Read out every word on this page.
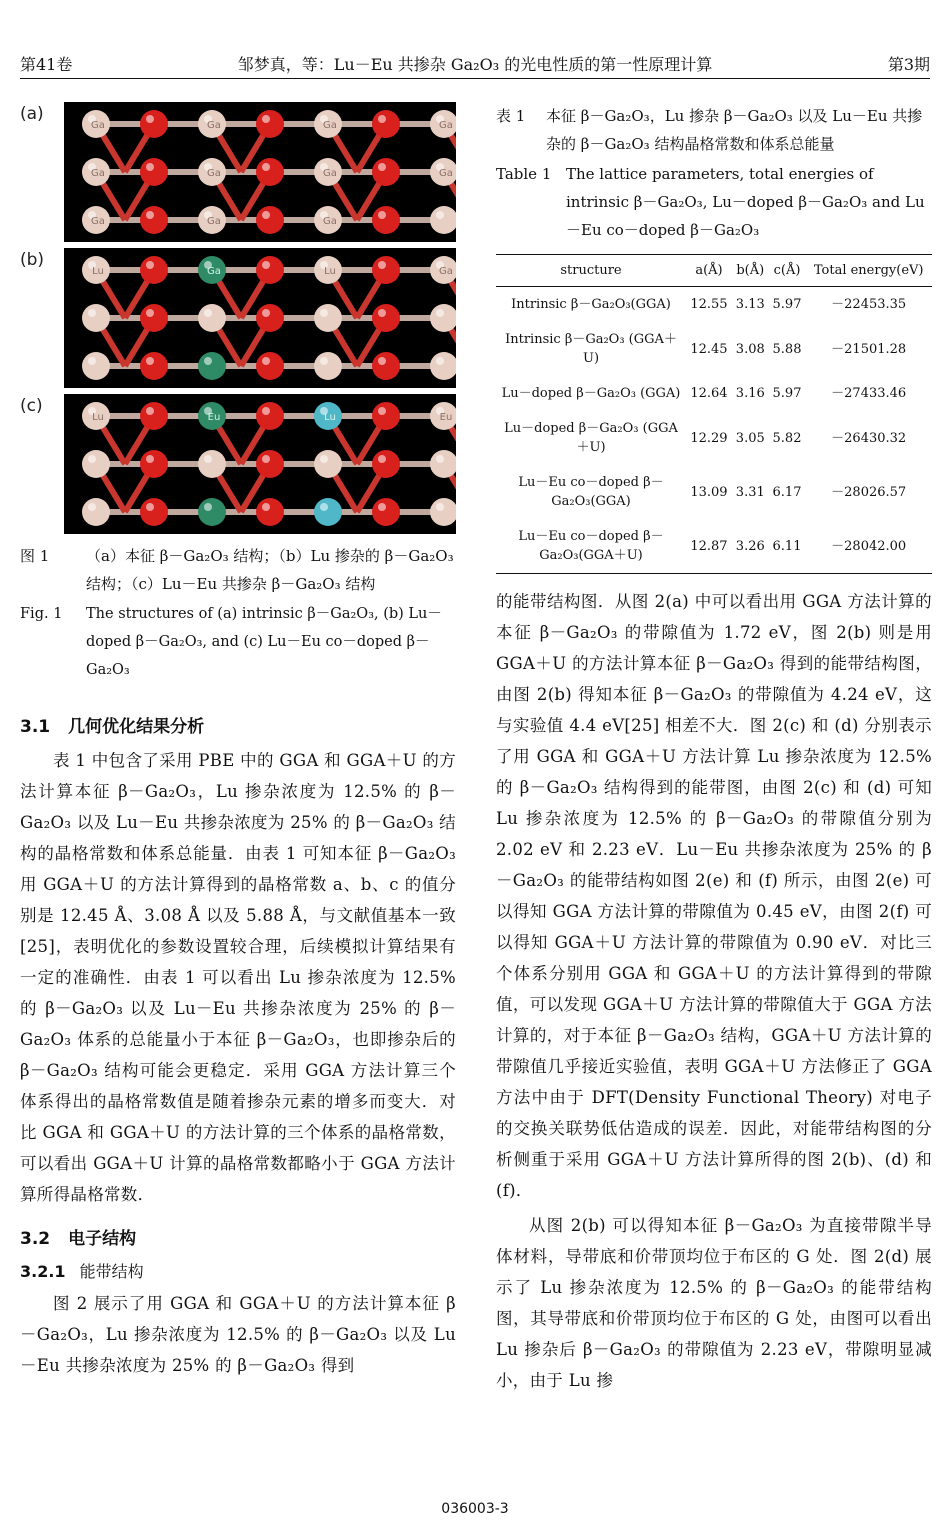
第41卷	邹梦真，等：Lu－Eu 共掺杂 Ga₂O₃ 的光电性质的第一性原理计算	第3期
(a)
Ga	Ga	Ga	Ga
Ga	Ga	Ga	Ga
Ga	Ga	Ga
(b)
Lu	Ga	Lu	Ga
(c)
Lu	Eu	Lu	Eu
图 1	（a）本征 β－Ga₂O₃ 结构；（b）Lu 掺杂的 β－Ga₂O₃ 结构；（c）Lu－Eu 共掺杂 β－Ga₂O₃ 结构
Fig. 1	The structures of (a) intrinsic β－Ga₂O₃, (b) Lu－doped β－Ga₂O₃, and (c) Lu－Eu co－doped β－Ga₂O₃
3.1 几何优化结果分析

表 1 中包含了采用 PBE 中的 GGA 和 GGA＋U 的方法计算本征 β－Ga₂O₃，Lu 掺杂浓度为 12.5% 的 β－Ga₂O₃ 以及 Lu－Eu 共掺杂浓度为 25% 的 β－Ga₂O₃ 结构的晶格常数和体系总能量．由表 1 可知本征 β－Ga₂O₃ 用 GGA＋U 的方法计算得到的晶格常数 a、b、c 的值分别是 12.45 Å、3.08 Å 以及 5.88 Å，与文献值基本一致[25]，表明优化的参数设置较合理，后续模拟计算结果有一定的准确性．由表 1 可以看出 Lu 掺杂浓度为 12.5% 的 β－Ga₂O₃ 以及 Lu－Eu 共掺杂浓度为 25% 的 β－Ga₂O₃ 体系的总能量小于本征 β－Ga₂O₃，也即掺杂后的 β－Ga₂O₃ 结构可能会更稳定．采用 GGA 方法计算三个体系得出的晶格常数值是随着掺杂元素的增多而变大．对比 GGA 和 GGA＋U 的方法计算的三个体系的晶格常数，可以看出 GGA＋U 计算的晶格常数都略小于 GGA 方法计算所得晶格常数．

3.2 电子结构
3.2.1 能带结构

图 2 展示了用 GGA 和 GGA＋U 的方法计算本征 β－Ga₂O₃，Lu 掺杂浓度为 12.5% 的 β－Ga₂O₃ 以及 Lu－Eu 共掺杂浓度为 25% 的 β－Ga₂O₃ 得到

表 1	本征 β－Ga₂O₃，Lu 掺杂 β－Ga₂O₃ 以及 Lu－Eu 共掺杂的 β－Ga₂O₃ 结构晶格常数和体系总能量
Table 1 The lattice parameters, total energies of intrinsic β－Ga₂O₃, Lu－doped β－Ga₂O₃ and Lu－Eu co－doped β－Ga₂O₃
structure	a(Å)	b(Å)	c(Å)	Total energy(eV)
Intrinsic β－Ga₂O₃(GGA)	12.55	3.13	5.97	－22453.35
Intrinsic β－Ga₂O₃ (GGA＋U)	12.45	3.08	5.88	－21501.28
Lu－doped β－Ga₂O₃ (GGA)	12.64	3.16	5.97	－27433.46
Lu－doped β－Ga₂O₃ (GGA＋U)	12.29	3.05	5.82	－26430.32
Lu－Eu co－doped β－Ga₂O₃(GGA)	13.09	3.31	6.17	－28026.57
Lu－Eu co－doped β－Ga₂O₃(GGA＋U)	12.87	3.26	6.11	－28042.00

的能带结构图．从图 2(a) 中可以看出用 GGA 方法计算的本征 β－Ga₂O₃ 的带隙值为 1.72 eV，图 2(b) 则是用 GGA＋U 的方法计算本征 β－Ga₂O₃ 得到的能带结构图，由图 2(b) 得知本征 β－Ga₂O₃ 的带隙值为 4.24 eV，这与实验值 4.4 eV[25] 相差不大．图 2(c) 和 (d) 分别表示了用 GGA 和 GGA＋U 方法计算 Lu 掺杂浓度为 12.5% 的 β－Ga₂O₃ 结构得到的能带图，由图 2(c) 和 (d) 可知 Lu 掺杂浓度为 12.5% 的 β－Ga₂O₃ 的带隙值分别为 2.02 eV 和 2.23 eV．Lu－Eu 共掺杂浓度为 25% 的 β－Ga₂O₃ 的能带结构如图 2(e) 和 (f) 所示，由图 2(e) 可以得知 GGA 方法计算的带隙值为 0.45 eV，由图 2(f) 可以得知 GGA＋U 方法计算的带隙值为 0.90 eV．对比三个体系分别用 GGA 和 GGA＋U 的方法计算得到的带隙值，可以发现 GGA＋U 方法计算的带隙值大于 GGA 方法计算的，对于本征 β－Ga₂O₃ 结构，GGA＋U 方法计算的带隙值几乎接近实验值，表明 GGA＋U 方法修正了 GGA 方法中由于 DFT(Density Functional Theory) 对电子的交换关联势低估造成的误差．因此，对能带结构图的分析侧重于采用 GGA＋U 方法计算所得的图 2(b)、(d) 和 (f)．

从图 2(b) 可以得知本征 β－Ga₂O₃ 为直接带隙半导体材料，导带底和价带顶均位于布区的 G 处．图 2(d) 展示了 Lu 掺杂浓度为 12.5% 的 β－Ga₂O₃ 的能带结构图，其导带底和价带顶均位于布区的 G 处，由图可以看出 Lu 掺杂后 β－Ga₂O₃ 的带隙值为 2.23 eV，带隙明显减小，由于 Lu 掺

036003-3
